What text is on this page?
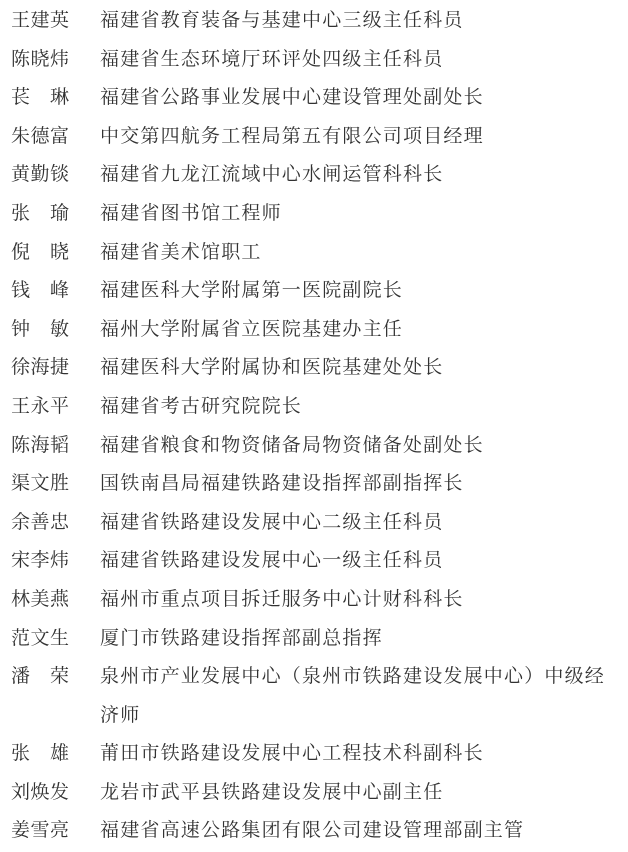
王建英 福建省教育装备与基建中心三级主任科员
陈晓炜 福建省生态环境厅环评处四级主任科员
苌　琳 福建省公路事业发展中心建设管理处副处长
朱德富 中交第四航务工程局第五有限公司项目经理
黄勤锬 福建省九龙江流域中心水闸运管科科长
张　瑜 福建省图书馆工程师
倪　晓 福建省美术馆职工
钱　峰 福建医科大学附属第一医院副院长
钟　敏 福州大学附属省立医院基建办主任
徐海捷 福建医科大学附属协和医院基建处处长
王永平 福建省考古研究院院长
陈海韬 福建省粮食和物资储备局物资储备处副处长
渠文胜 国铁南昌局福建铁路建设指挥部副指挥长
余善忠 福建省铁路建设发展中心二级主任科员
宋李炜 福建省铁路建设发展中心一级主任科员
林美燕 福州市重点项目拆迁服务中心计财科科长
范文生 厦门市铁路建设指挥部副总指挥
潘　荣 泉州市产业发展中心（泉州市铁路建设发展中心）中级经济师
张　雄 莆田市铁路建设发展中心工程技术科副科长
刘焕发 龙岩市武平县铁路建设发展中心副主任
姜雪亮 福建省高速公路集团有限公司建设管理部副主管
